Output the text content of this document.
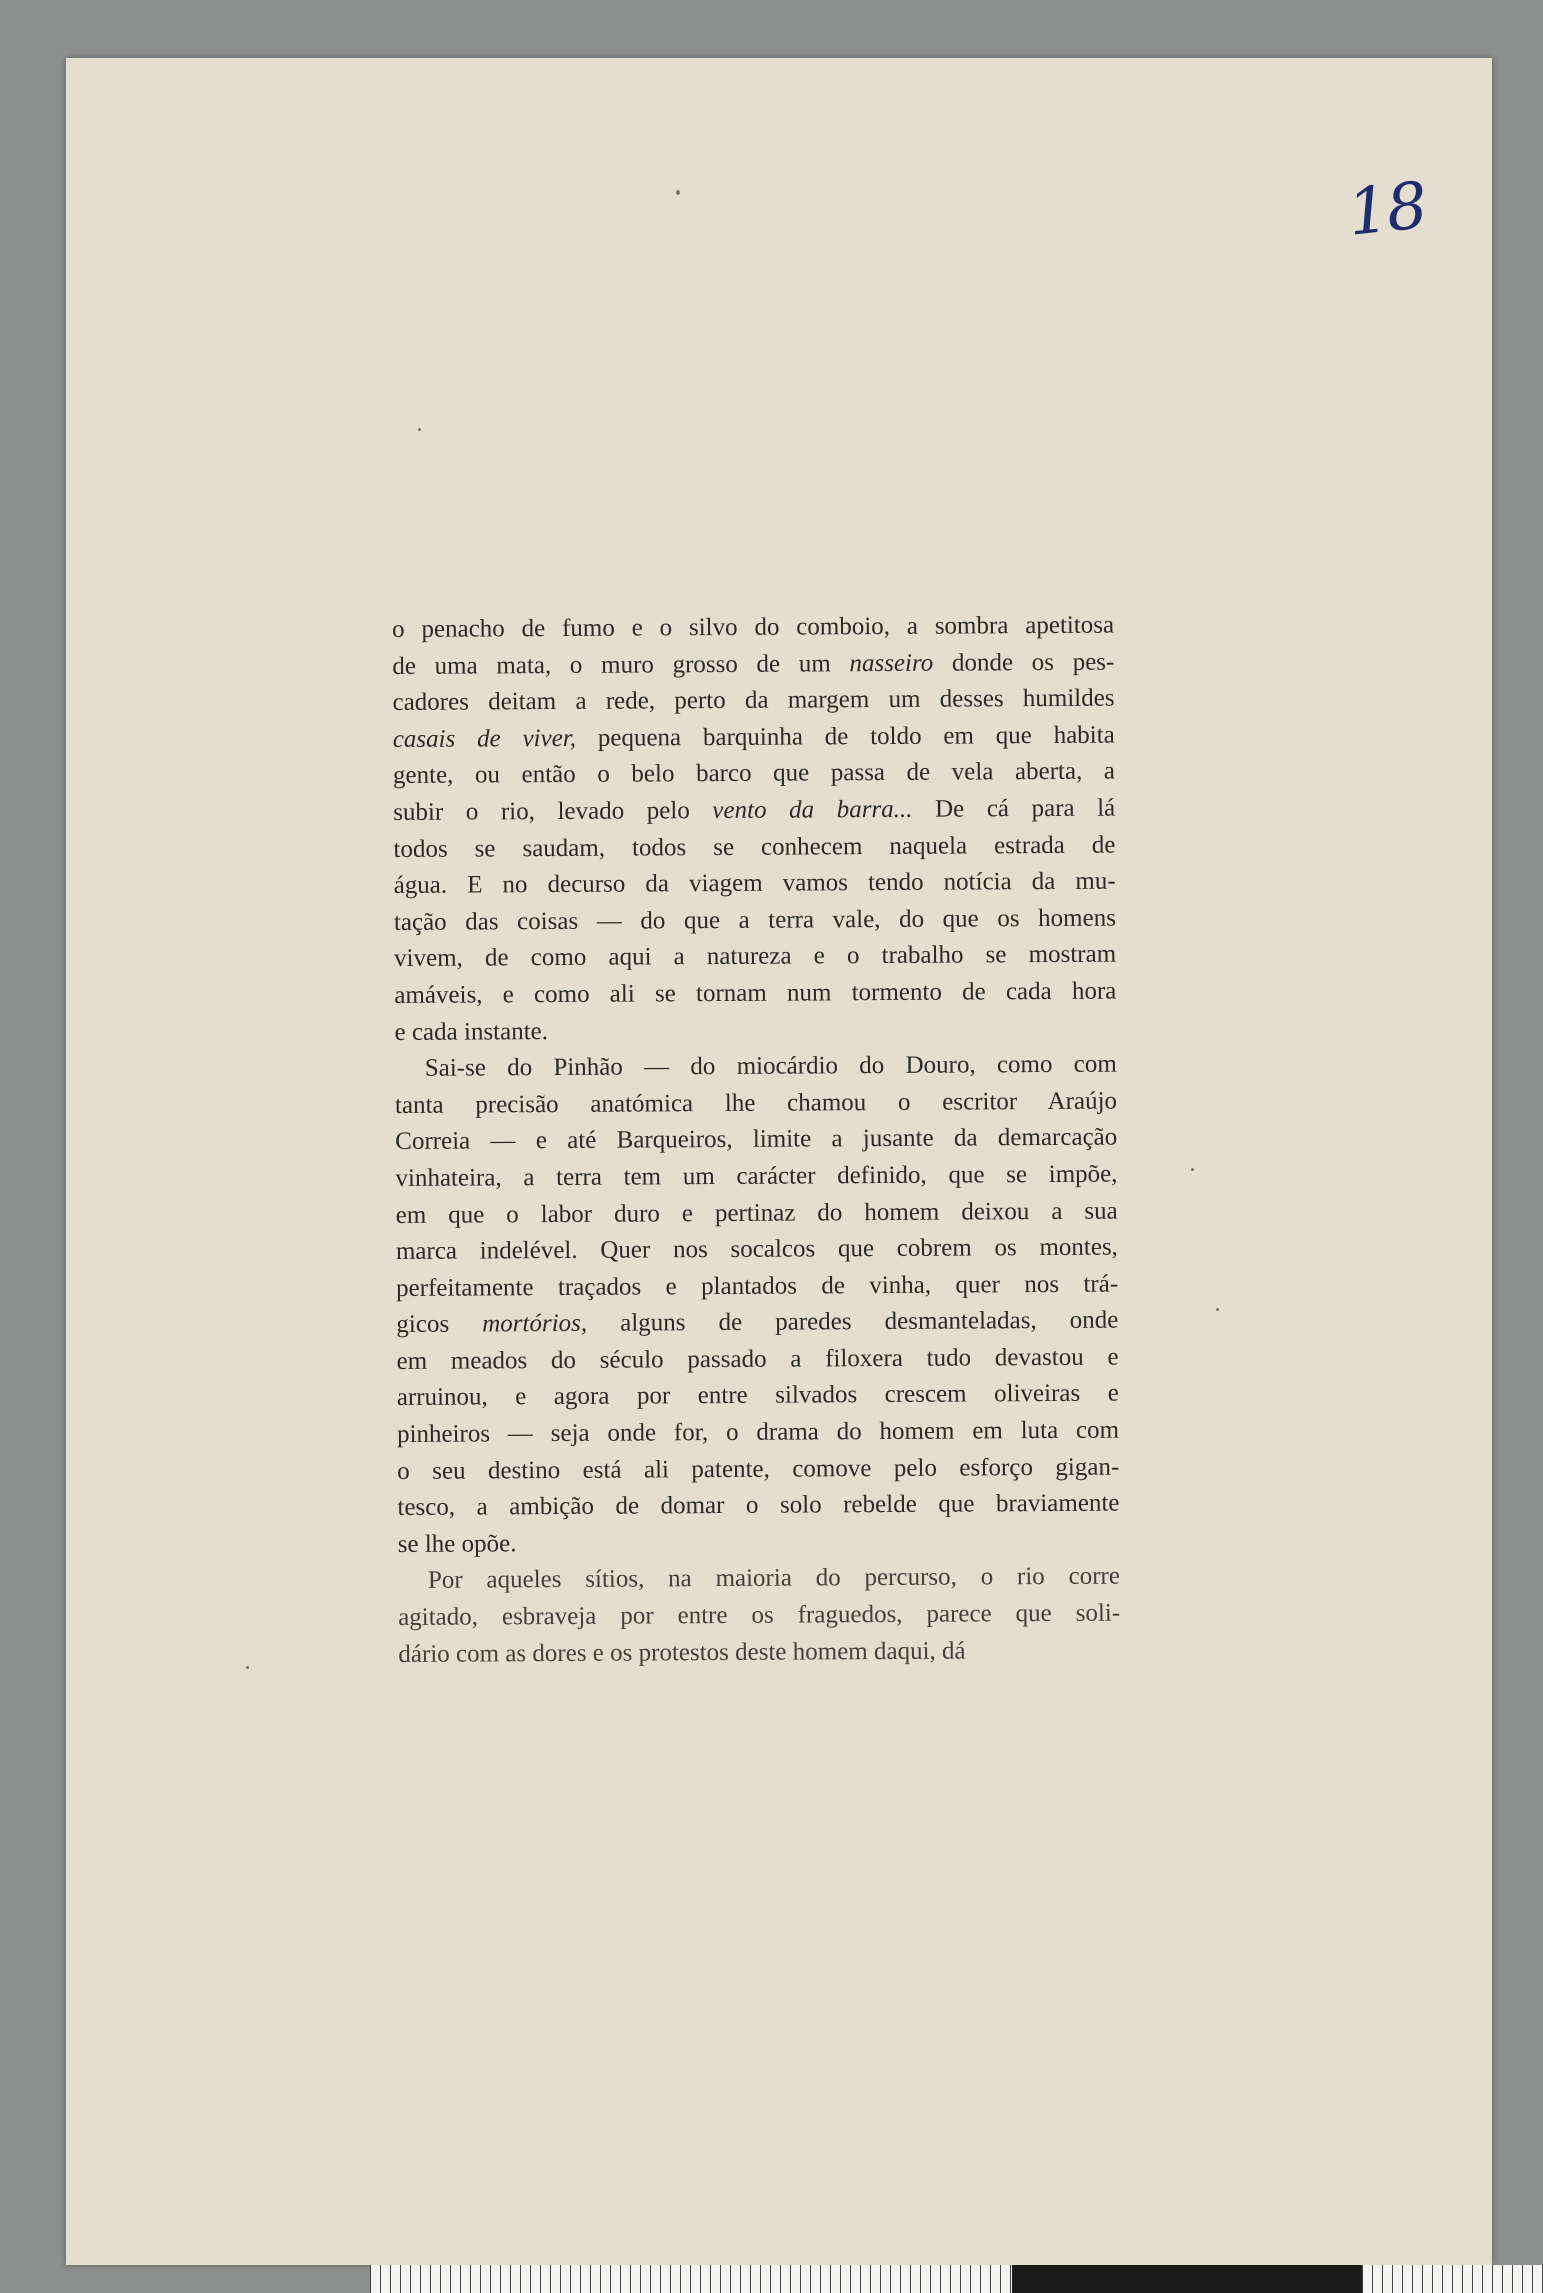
18
o penacho de fumo e o silvo do comboio, a sombra apetitosa
de uma mata, o muro grosso de um nasseiro donde os pes-
cadores deitam a rede, perto da margem um desses humildes
casais de viver, pequena barquinha de toldo em que habita
gente, ou então o belo barco que passa de vela aberta, a
subir o rio, levado pelo vento da barra... De cá para lá
todos se saudam, todos se conhecem naquela estrada de
água. E no decurso da viagem vamos tendo notícia da mu-
tação das coisas — do que a terra vale, do que os homens
vivem, de como aqui a natureza e o trabalho se mostram
amáveis, e como ali se tornam num tormento de cada hora
e cada instante.
Sai-se do Pinhão — do miocárdio do Douro, como com
tanta precisão anatómica lhe chamou o escritor Araújo
Correia — e até Barqueiros, limite a jusante da demarcação
vinhateira, a terra tem um carácter definido, que se impõe,
em que o labor duro e pertinaz do homem deixou a sua
marca indelével. Quer nos socalcos que cobrem os montes,
perfeitamente traçados e plantados de vinha, quer nos trá-
gicos mortórios, alguns de paredes desmanteladas, onde
em meados do século passado a filoxera tudo devastou e
arruinou, e agora por entre silvados crescem oliveiras e
pinheiros — seja onde for, o drama do homem em luta com
o seu destino está ali patente, comove pelo esforço gigan-
tesco, a ambição de domar o solo rebelde que braviamente
se lhe opõe.
Por aqueles sítios, na maioria do percurso, o rio corre
agitado, esbraveja por entre os fraguedos, parece que soli-
dário com as dores e os protestos deste homem daqui, dá
